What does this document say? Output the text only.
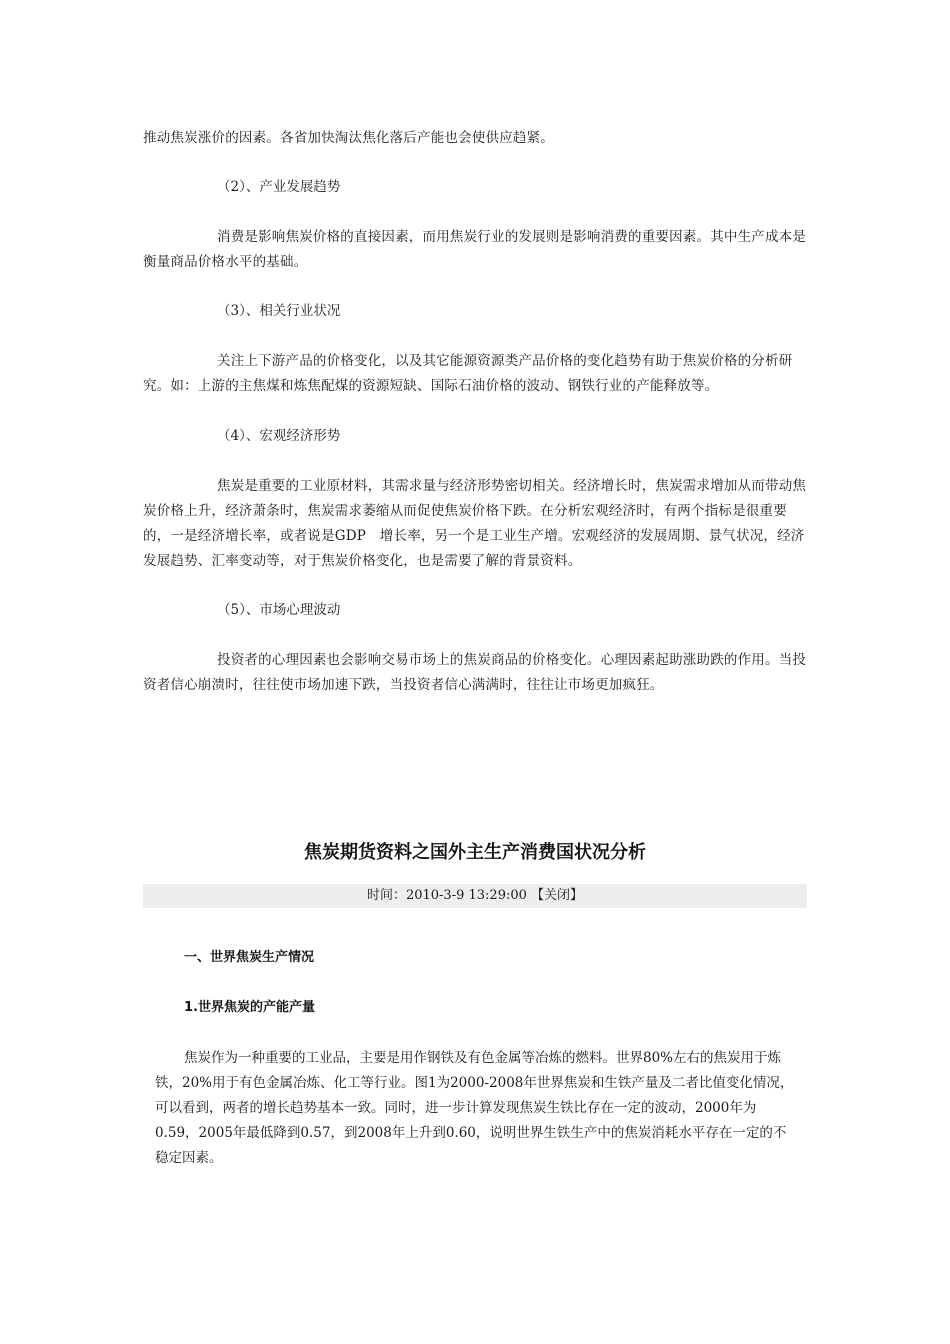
推动焦炭涨价的因素。各省加快淘汰焦化落后产能也会使供应趋紧。
（2）、产业发展趋势
消费是影响焦炭价格的直接因素，而用焦炭行业的发展则是影响消费的重要因素。其中生产成本是衡量商品价格水平的基础。
（3）、相关行业状况
关注上下游产品的价格变化，以及其它能源资源类产品价格的变化趋势有助于焦炭价格的分析研究。如：上游的主焦煤和炼焦配煤的资源短缺、国际石油价格的波动、钢铁行业的产能释放等。
（4）、宏观经济形势
焦炭是重要的工业原材料，其需求量与经济形势密切相关。经济增长时，焦炭需求增加从而带动焦炭价格上升，经济萧条时，焦炭需求萎缩从而促使焦炭价格下跌。在分析宏观经济时，有两个指标是很重要的，一是经济增长率，或者说是GDP　增长率，另一个是工业生产增。宏观经济的发展周期、景气状况，经济发展趋势、汇率变动等，对于焦炭价格变化，也是需要了解的背景资料。
（5）、市场心理波动
投资者的心理因素也会影响交易市场上的焦炭商品的价格变化。心理因素起助涨助跌的作用。当投资者信心崩溃时，往往使市场加速下跌，当投资者信心满满时，往往让市场更加疯狂。
焦炭期货资料之国外主生产消费国状况分析
时间：2010-3-9 13:29:00 【关闭】
一、世界焦炭生产情况
1.世界焦炭的产能产量
焦炭作为一种重要的工业品，主要是用作钢铁及有色金属等冶炼的燃料。世界80%左右的焦炭用于炼铁，20%用于有色金属冶炼、化工等行业。图1为2000-2008年世界焦炭和生铁产量及二者比值变化情况，可以看到，两者的增长趋势基本一致。同时，进一步计算发现焦炭生铁比存在一定的波动，2000年为0.59，2005年最低降到0.57，到2008年上升到0.60，说明世界生铁生产中的焦炭消耗水平存在一定的不稳定因素。
